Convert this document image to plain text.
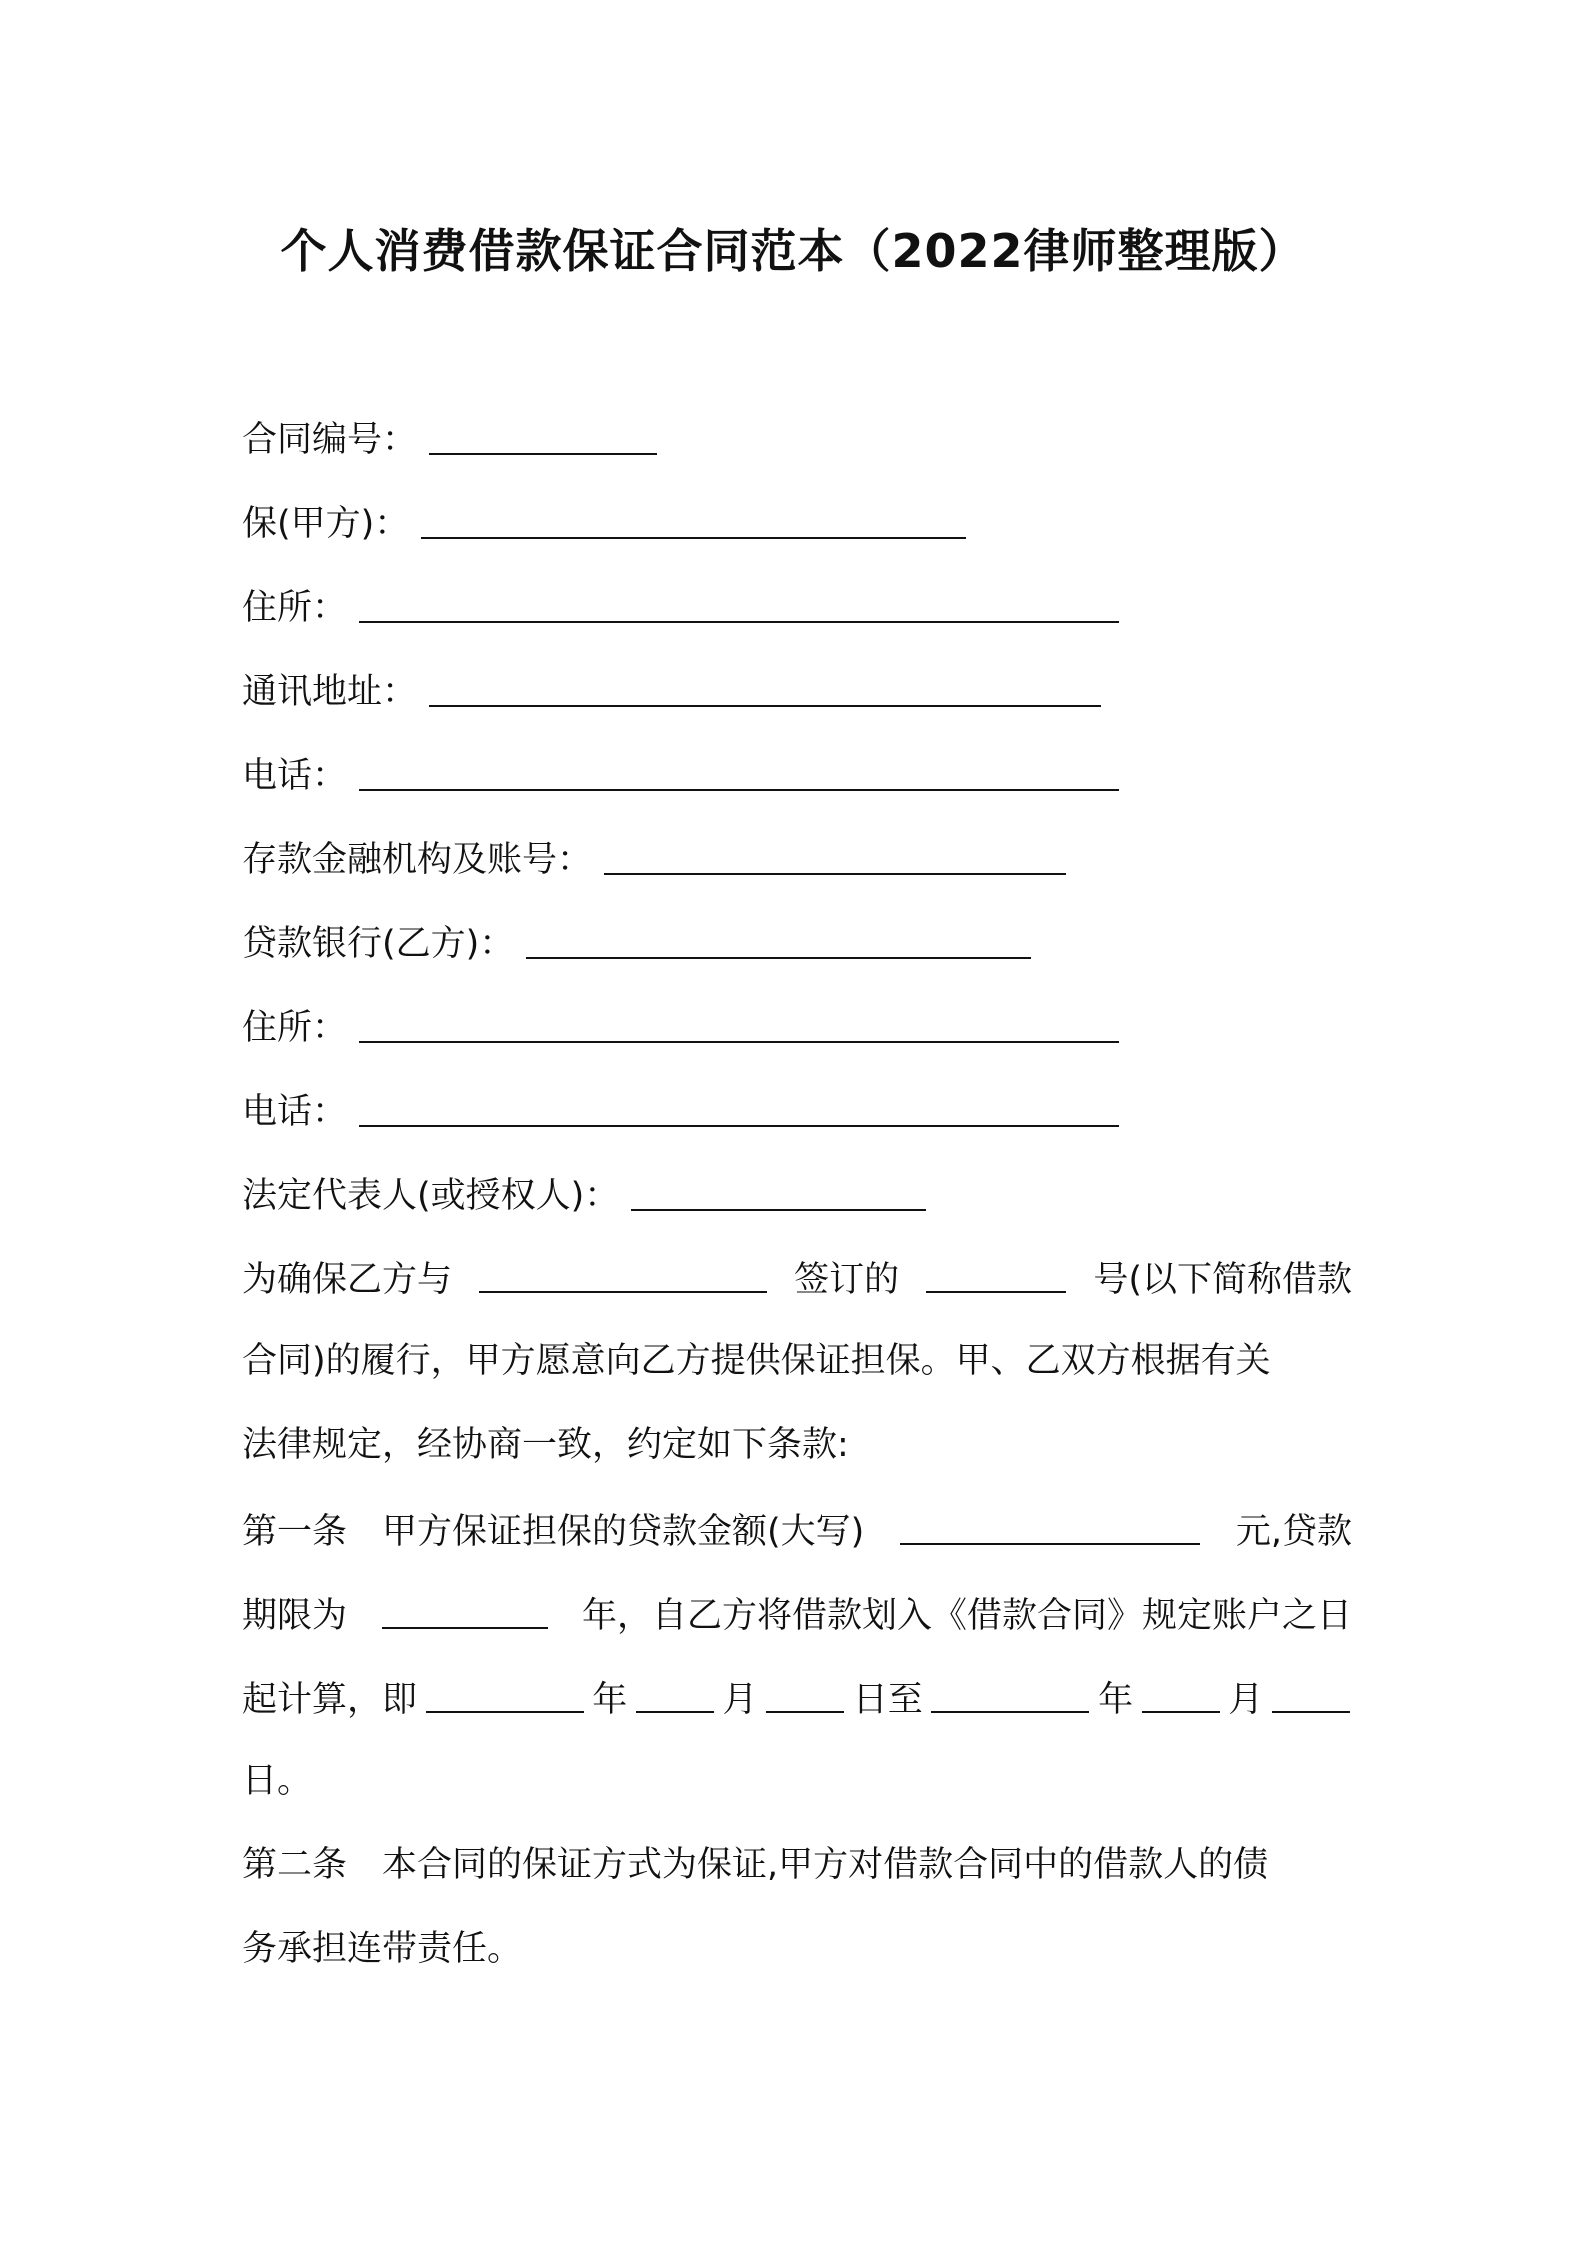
个人消费借款保证合同范本（2022律师整理版）
合同编号：
保(甲方)：
住所：
通讯地址：
电话：
存款金融机构及账号：
贷款银行(乙方)：
住所：
电话：
法定代表人(或授权人)：
为确保乙方与	签订的	号(以下简称借款
合同)的履行，甲方愿意向乙方提供保证担保。甲、乙双方根据有关
法律规定，经协商一致，约定如下条款:
第一条　甲方保证担保的贷款金额(大写)	元,贷款
期限为	年，自乙方将借款划入《借款合同》规定账户之日
起计算，即	年	月	日至	年	月
日。
第二条　本合同的保证方式为保证,甲方对借款合同中的借款人的债
务承担连带责任。
